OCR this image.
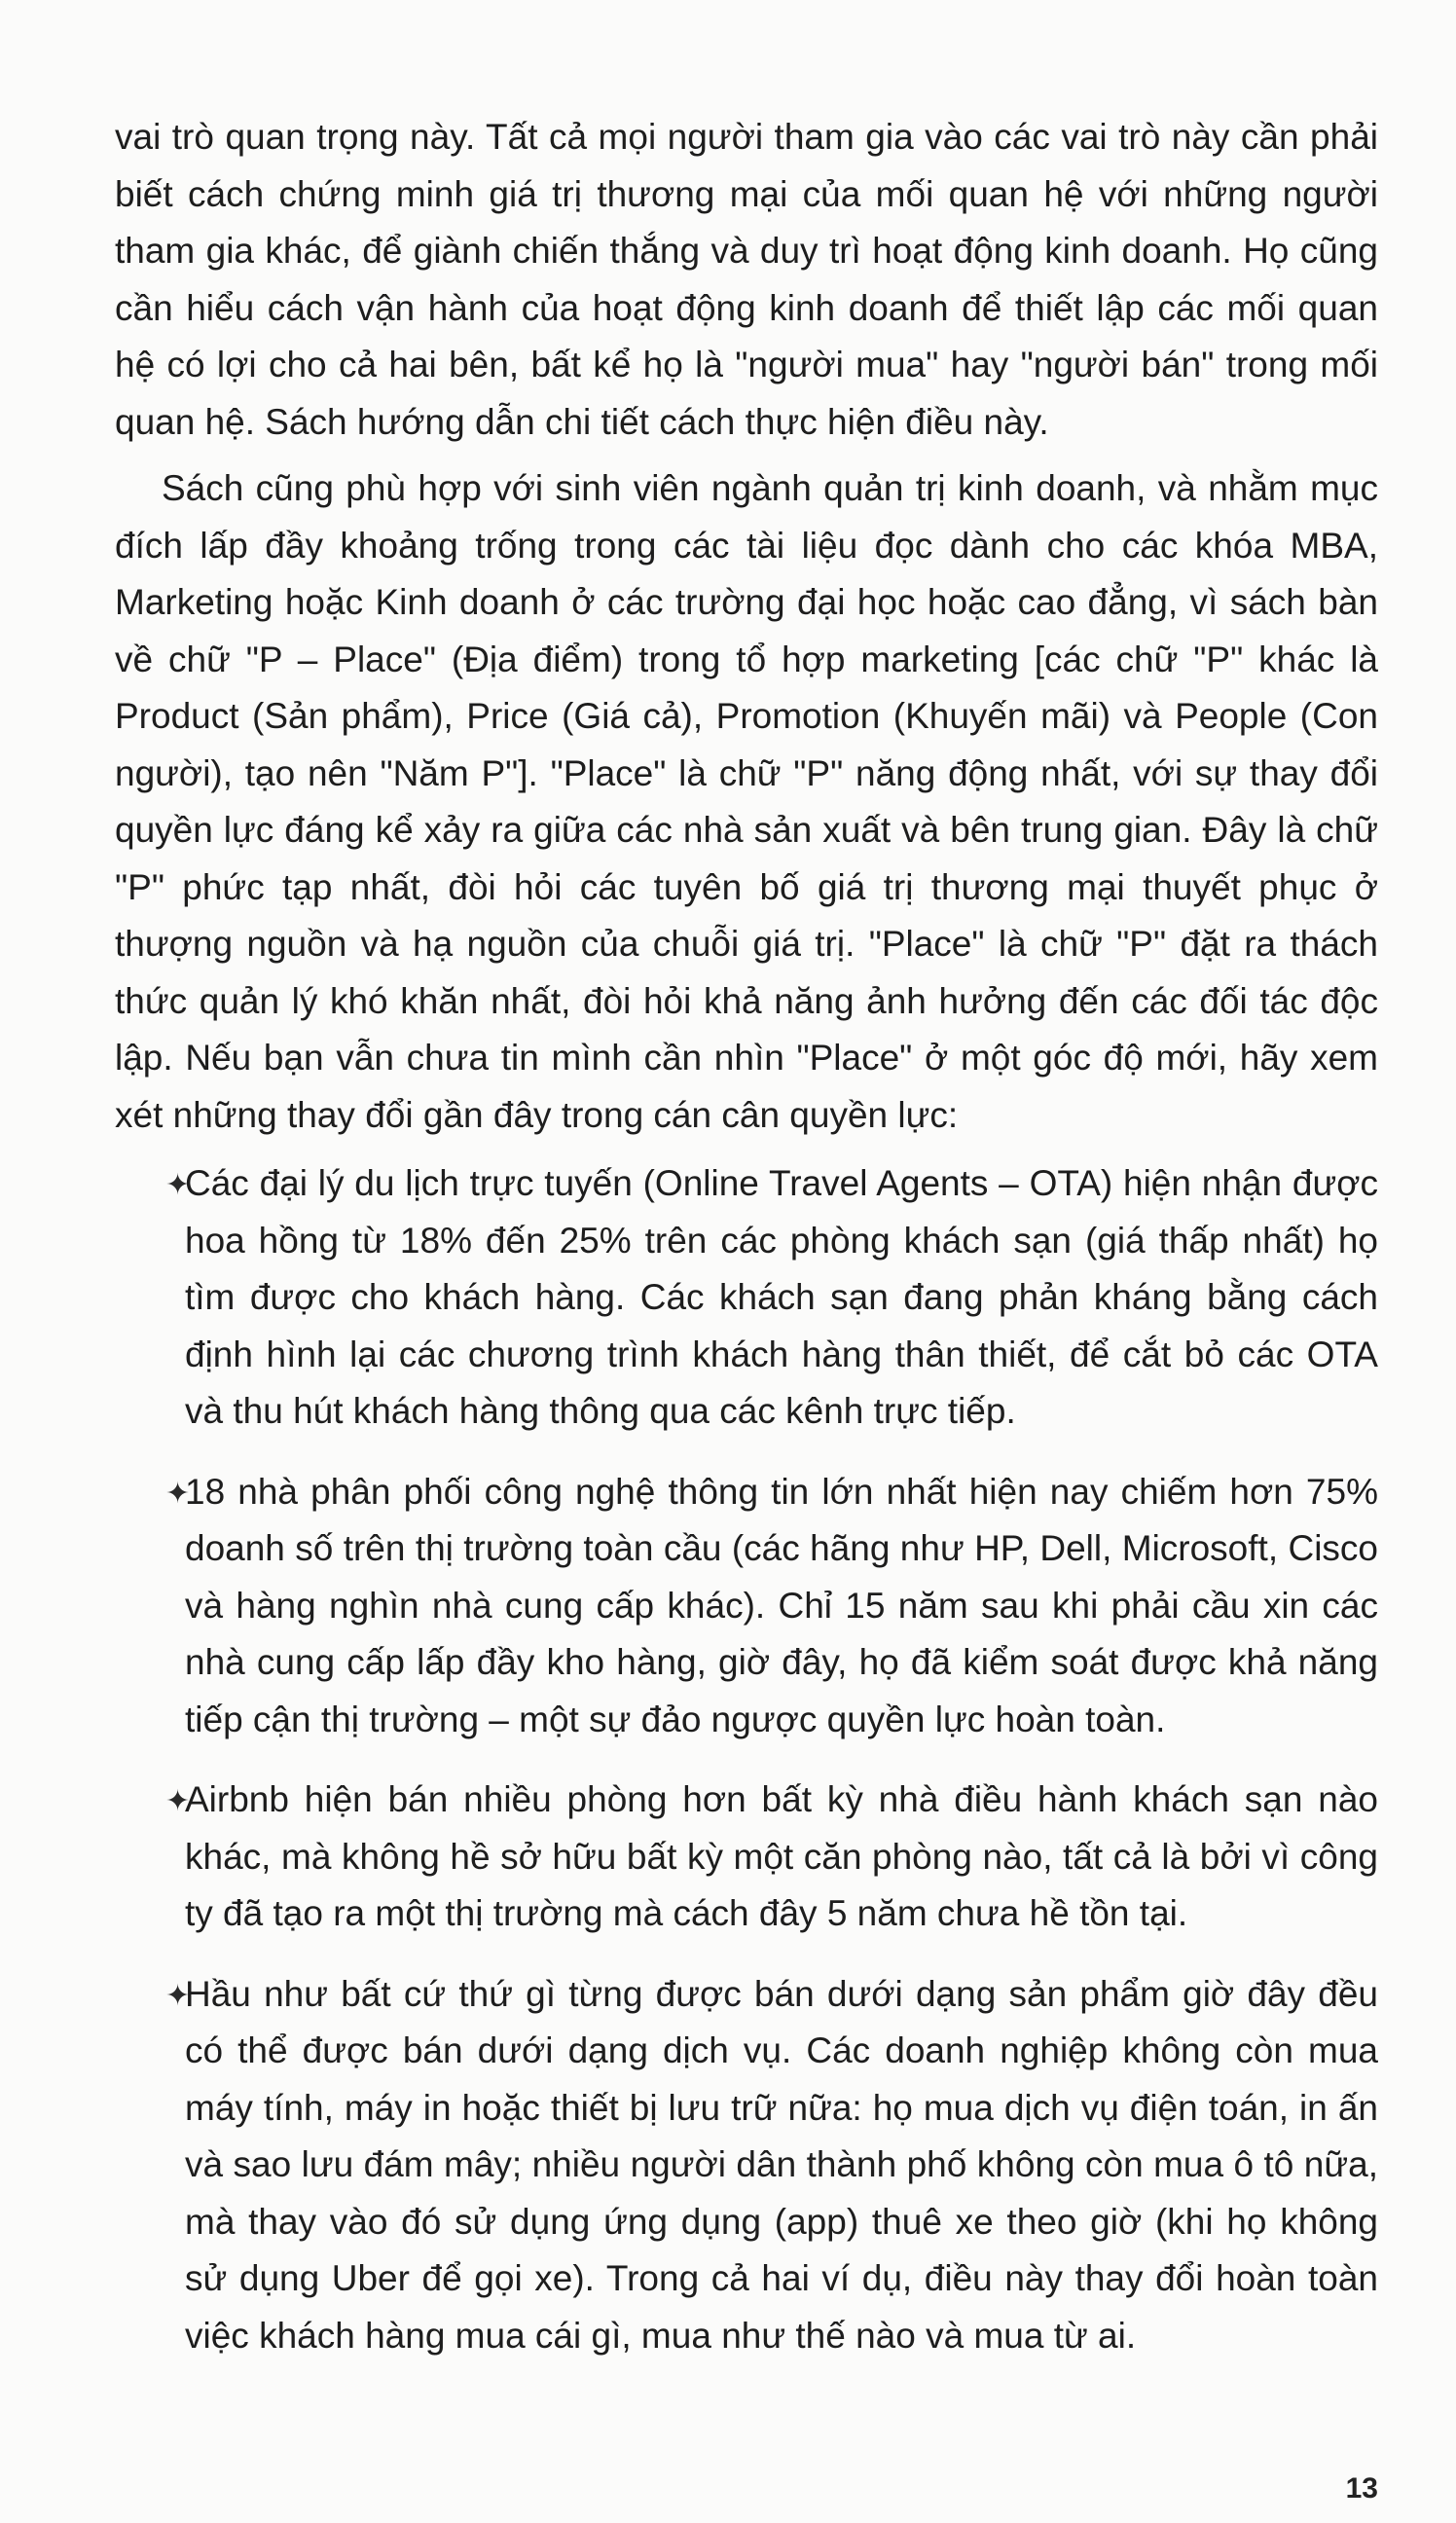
vai trò quan trọng này. Tất cả mọi người tham gia vào các vai trò này cần phải biết cách chứng minh giá trị thương mại của mối quan hệ với những người tham gia khác, để giành chiến thắng và duy trì hoạt động kinh doanh. Họ cũng cần hiểu cách vận hành của hoạt động kinh doanh để thiết lập các mối quan hệ có lợi cho cả hai bên, bất kể họ là "người mua" hay "người bán" trong mối quan hệ. Sách hướng dẫn chi tiết cách thực hiện điều này.

Sách cũng phù hợp với sinh viên ngành quản trị kinh doanh, và nhằm mục đích lấp đầy khoảng trống trong các tài liệu đọc dành cho các khóa MBA, Marketing hoặc Kinh doanh ở các trường đại học hoặc cao đẳng, vì sách bàn về chữ "P – Place" (Địa điểm) trong tổ hợp marketing [các chữ "P" khác là Product (Sản phẩm), Price (Giá cả), Promotion (Khuyến mãi) và People (Con người), tạo nên "Năm P"]. "Place" là chữ "P" năng động nhất, với sự thay đổi quyền lực đáng kể xảy ra giữa các nhà sản xuất và bên trung gian. Đây là chữ "P" phức tạp nhất, đòi hỏi các tuyên bố giá trị thương mại thuyết phục ở thượng nguồn và hạ nguồn của chuỗi giá trị. "Place" là chữ "P" đặt ra thách thức quản lý khó khăn nhất, đòi hỏi khả năng ảnh hưởng đến các đối tác độc lập. Nếu bạn vẫn chưa tin mình cần nhìn "Place" ở một góc độ mới, hãy xem xét những thay đổi gần đây trong cán cân quyền lực:

✦
Các đại lý du lịch trực tuyến (Online Travel Agents – OTA) hiện nhận được hoa hồng từ 18% đến 25% trên các phòng khách sạn (giá thấp nhất) họ tìm được cho khách hàng. Các khách sạn đang phản kháng bằng cách định hình lại các chương trình khách hàng thân thiết, để cắt bỏ các OTA và thu hút khách hàng thông qua các kênh trực tiếp.
✦
18 nhà phân phối công nghệ thông tin lớn nhất hiện nay chiếm hơn 75% doanh số trên thị trường toàn cầu (các hãng như HP, Dell, Microsoft, Cisco và hàng nghìn nhà cung cấp khác). Chỉ 15 năm sau khi phải cầu xin các nhà cung cấp lấp đầy kho hàng, giờ đây, họ đã kiểm soát được khả năng tiếp cận thị trường – một sự đảo ngược quyền lực hoàn toàn.
✦
Airbnb hiện bán nhiều phòng hơn bất kỳ nhà điều hành khách sạn nào khác, mà không hề sở hữu bất kỳ một căn phòng nào, tất cả là bởi vì công ty đã tạo ra một thị trường mà cách đây 5 năm chưa hề tồn tại.
✦
Hầu như bất cứ thứ gì từng được bán dưới dạng sản phẩm giờ đây đều có thể được bán dưới dạng dịch vụ. Các doanh nghiệp không còn mua máy tính, máy in hoặc thiết bị lưu trữ nữa: họ mua dịch vụ điện toán, in ấn và sao lưu đám mây; nhiều người dân thành phố không còn mua ô tô nữa, mà thay vào đó sử dụng ứng dụng (app) thuê xe theo giờ (khi họ không sử dụng Uber để gọi xe). Trong cả hai ví dụ, điều này thay đổi hoàn toàn việc khách hàng mua cái gì, mua như thế nào và mua từ ai.
13
